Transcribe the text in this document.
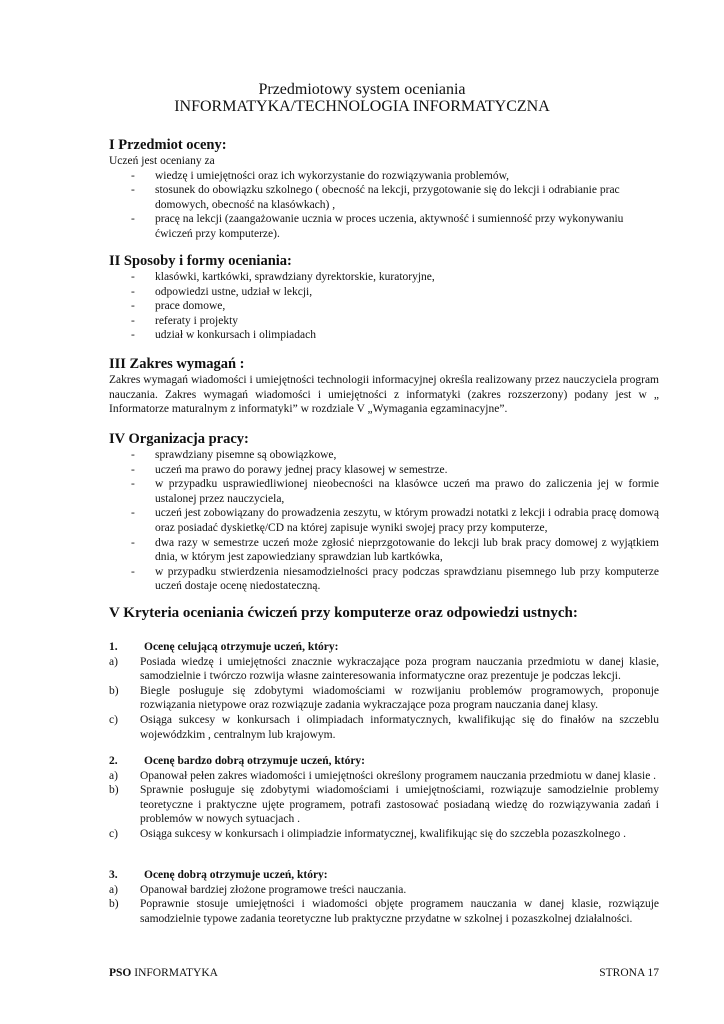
Przedmiotowy system oceniania
INFORMATYKA/TECHNOLOGIA INFORMATYCZNA
I Przedmiot oceny:

Uczeń jest oceniany za

- wiedzę i umiejętności oraz ich wykorzystanie do rozwiązywania problemów,
- stosunek do obowiązku szkolnego ( obecność na lekcji, przygotowanie się do lekcji i odrabianie prac domowych, obecność na klasówkach) ,
- pracę na lekcji (zaangażowanie ucznia w proces uczenia, aktywność i sumienność przy wykonywaniu ćwiczeń przy komputerze).
II Sposoby i formy oceniania:
- klasówki, kartkówki, sprawdziany dyrektorskie, kuratoryjne,
- odpowiedzi ustne, udział w lekcji,
- prace domowe,
- referaty i projekty
- udział w konkursach i olimpiadach
III Zakres wymagań :

Zakres wymagań wiadomości i umiejętności technologii informacyjnej określa realizowany przez nauczyciela program nauczania. Zakres wymagań wiadomości i umiejętności z informatyki (zakres rozszerzony) podany jest w „ Informatorze maturalnym z informatyki” w rozdziale V „Wymagania egzaminacyjne”.

IV Organizacja pracy:
- sprawdziany pisemne są obowiązkowe,
- uczeń ma prawo do porawy jednej pracy klasowej w semestrze.
- w przypadku usprawiedliwionej nieobecności na klasówce uczeń ma prawo do zaliczenia jej w formie ustalonej przez nauczyciela,
- uczeń jest zobowiązany do prowadzenia zeszytu, w którym prowadzi notatki z lekcji i odrabia pracę domową oraz posiadać dyskietkę/CD na której zapisuje wyniki swojej pracy przy komputerze,
- dwa razy w semestrze uczeń może zgłosić nieprzgotowanie do lekcji lub brak pracy domowej z wyjątkiem dnia, w którym jest zapowiedziany sprawdzian lub kartkówka,
- w przypadku stwierdzenia niesamodzielności pracy podczas sprawdzianu pisemnego lub przy komputerze uczeń dostaje ocenę niedostateczną.
V Kryteria oceniania ćwiczeń przy komputerze oraz odpowiedzi ustnych:

1. Ocenę celującą otrzymuje uczeń, który:

a) Posiada wiedzę i umiejętności znacznie wykraczające poza program nauczania przedmiotu w danej klasie, samodzielnie i twórczo rozwija własne zainteresowania informatyczne oraz prezentuje je podczas lekcji.
b) Biegle posługuje się zdobytymi wiadomościami w rozwijaniu problemów programowych, proponuje rozwiązania nietypowe oraz rozwiązuje zadania wykraczające poza program nauczania danej klasy.
c) Osiąga sukcesy w konkursach i olimpiadach informatycznych, kwalifikując się do finałów na szczeblu wojewódzkim , centralnym lub krajowym.

2. Ocenę bardzo dobrą otrzymuje uczeń, który:

a) Opanował pełen zakres wiadomości i umiejętności określony programem nauczania przedmiotu w danej klasie .
b) Sprawnie posługuje się zdobytymi wiadomościami i umiejętnościami, rozwiązuje samodzielnie problemy teoretyczne i praktyczne ujęte programem, potrafi zastosować posiadaną wiedzę do rozwiązywania zadań i problemów w nowych sytuacjach .
c) Osiąga sukcesy w konkursach i olimpiadzie informatycznej, kwalifikując się do szczebla pozaszkolnego .

3. Ocenę dobrą otrzymuje uczeń, który:

a) Opanował bardziej złożone programowe treści nauczania.
b) Poprawnie stosuje umiejętności i wiadomości objęte programem nauczania w danej klasie, rozwiązuje samodzielnie typowe zadania teoretyczne lub praktyczne przydatne w szkolnej i pozaszkolnej działalności.
PSO INFORMATYKA	STRONA 17
